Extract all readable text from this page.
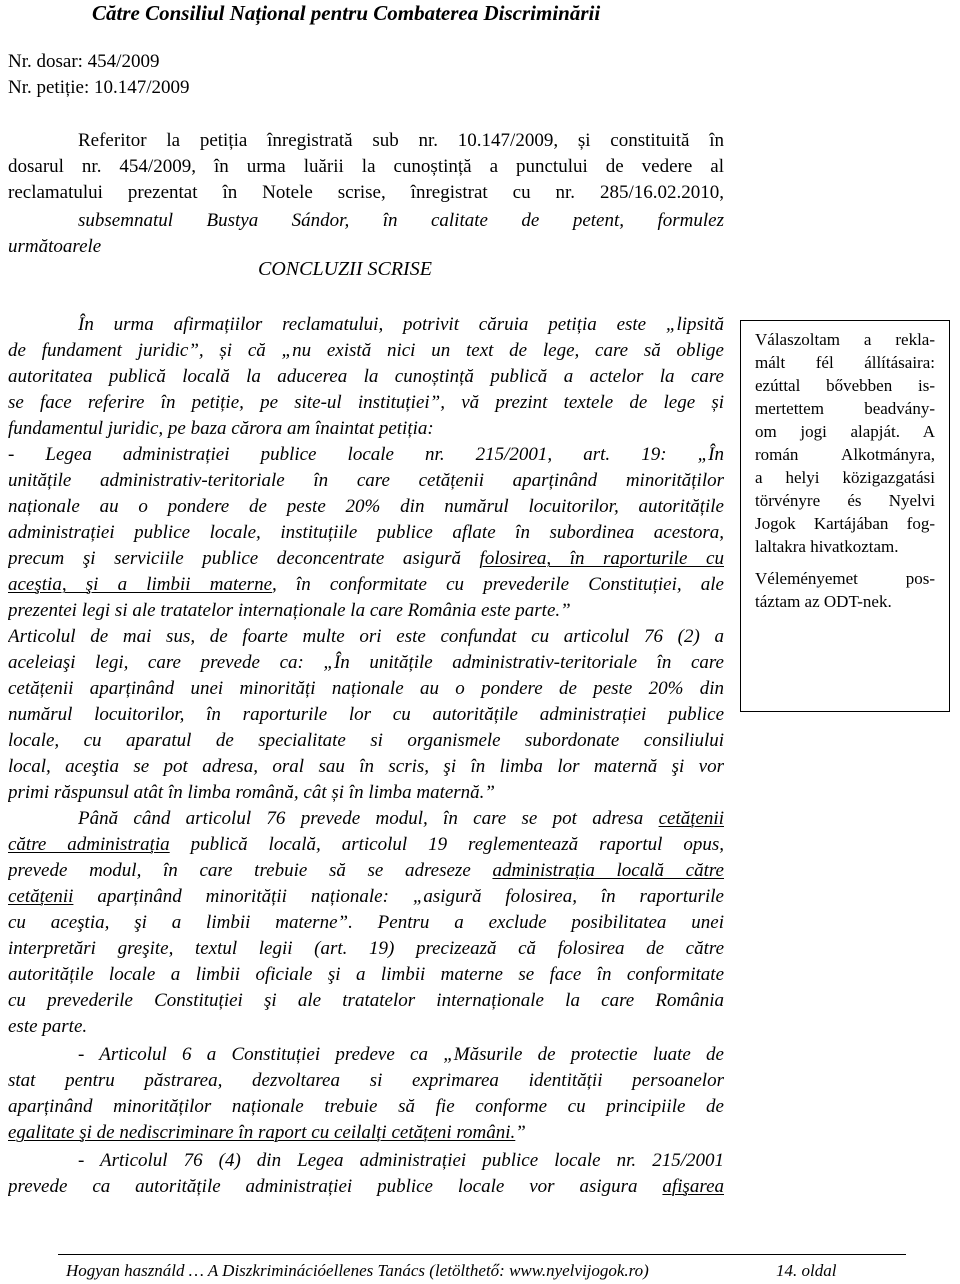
Către Consiliul Național pentru Combaterea Discriminării
Nr. dosar: 454/2009
Nr. petiție: 10.147/2009
Referitor la petiția înregistrată sub nr. 10.147/2009, și constituită în
dosarul nr. 454/2009, în urma luării la cunoștință a punctului de vedere al
reclamatului prezentat în Notele scrise, înregistrat cu nr. 285/16.02.2010,
subsemnatul Bustya Sándor, în calitate de petent, formulez
următoarele
CONCLUZII SCRISE
În urma afirmațiilor reclamatului, potrivit căruia petiția este „lipsită
de fundament juridic”, și că „nu există nici un text de lege, care să oblige
autoritatea publică locală la aducerea la cunoștință publică a actelor la care
se face referire în petiție, pe site-ul instituției”, vă prezint textele de lege și
fundamentul juridic, pe baza cărora am înaintat petiția:
- Legea administrației publice locale nr. 215/2001, art. 19: „În
unitățile administrativ-teritoriale în care cetățenii aparținând minorităților
naționale au o pondere de peste 20% din numărul locuitorilor, autoritățile
administrației publice locale, instituțiile publice aflate în subordinea acestora,
precum şi serviciile publice deconcentrate asigură folosirea, în raporturile cu
aceştia, şi a limbii materne, în conformitate cu prevederile Constituției, ale
prezentei legi si ale tratatelor internaționale la care România este parte.”
Articolul de mai sus, de foarte multe ori este confundat cu articolul 76 (2) a
aceleiaşi legi, care prevede ca: „În unitățile administrativ-teritoriale în care
cetățenii aparținând unei minorități naționale au o pondere de peste 20% din
numărul locuitorilor, în raporturile lor cu autoritățile administrației publice
locale, cu aparatul de specialitate si organismele subordonate consiliului
local, aceştia se pot adresa, oral sau în scris, şi în limba lor maternă şi vor
primi răspunsul atât în limba română, cât și în limba maternă.”
Până când articolul 76 prevede modul, în care se pot adresa cetățenii
către administrația publică locală, articolul 19 reglementează raportul opus,
prevede modul, în care trebuie să se adreseze administrația locală către
cetățenii aparținând minorității naționale: „asigură folosirea, în raporturile
cu aceştia, şi a limbii materne”. Pentru a exclude posibilitatea unei
interpretări greşite, textul legii (art. 19) precizează că folosirea de către
autoritățile locale a limbii oficiale şi a limbii materne se face în conformitate
cu prevederile Constituției şi ale tratatelor internaționale la care România
este parte.
- Articolul 6 a Constituției predeve ca „Măsurile de protectie luate de
stat pentru păstrarea, dezvoltarea si exprimarea identității persoanelor
aparținând minorităților naționale trebuie să fie conforme cu principiile de
egalitate şi de nediscriminare în raport cu ceilalți cetățeni români.”
- Articolul 76 (4) din Legea administrației publice locale nr. 215/2001
prevede ca autoritățile administrației publice locale vor asigura afişarea
Válaszoltam a rekla-
mált fél állításaira:
ezúttal bővebben is-
mertettem beadvány-
om jogi alapját. A
román Alkotmányra,
a helyi közigazgatási
törvényre és Nyelvi
Jogok Kartájában fog-
laltakra hivatkoztam.
Véleményemet pos-
táztam az ODT-nek.
Hogyan használd … A Diszkriminációellenes Tanács (letölthető: www.nyelvijogok.ro)	14. oldal
